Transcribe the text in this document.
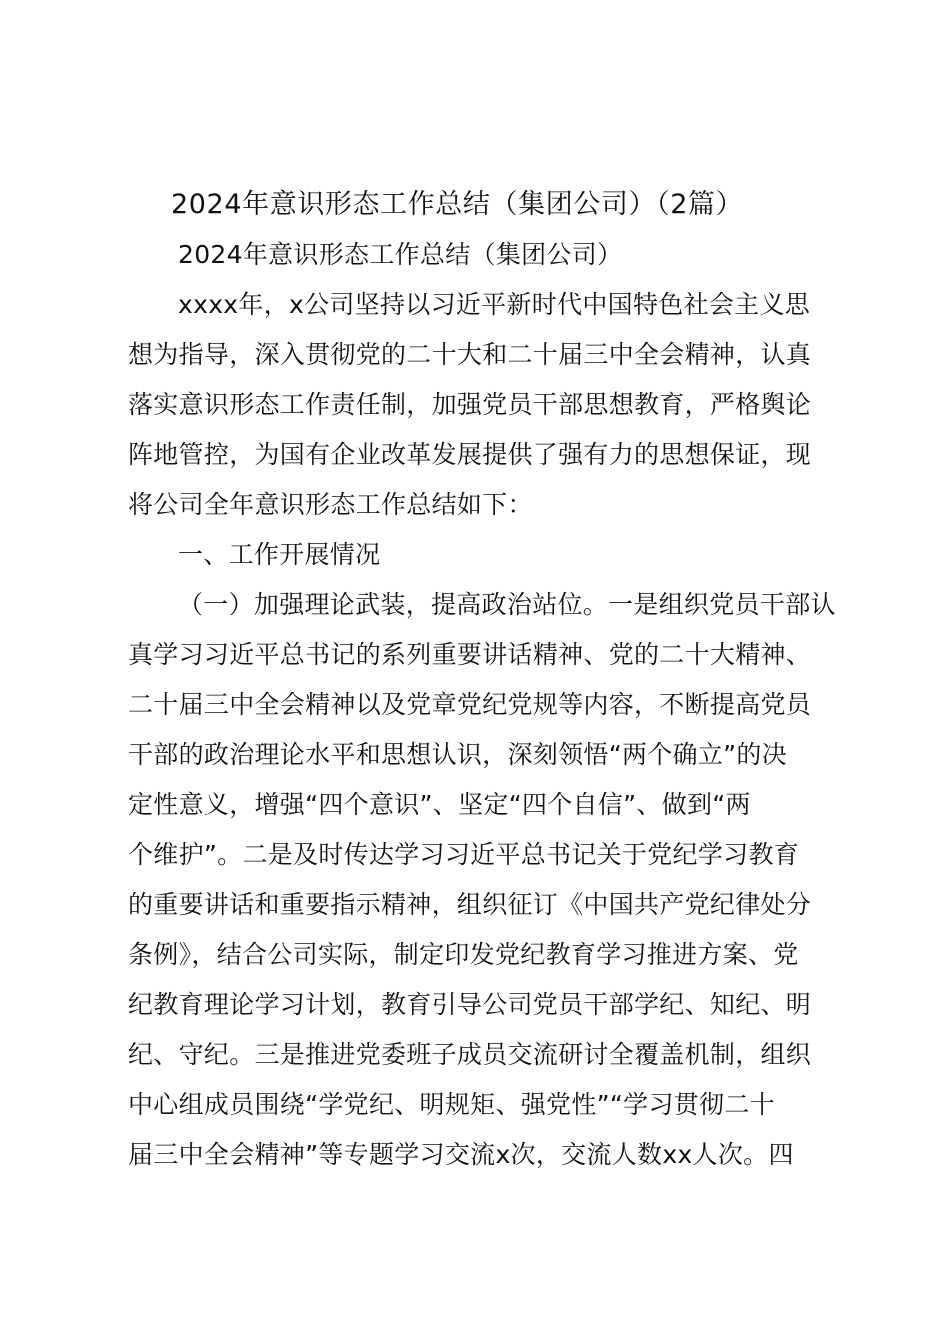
2024年意识形态工作总结（集团公司）（2篇）
2024年意识形态工作总结（集团公司）
xxxx年，x公司坚持以习近平新时代中国特色社会主义思
想为指导，深入贯彻党的二十大和二十届三中全会精神，认真
落实意识形态工作责任制，加强党员干部思想教育，严格舆论
阵地管控，为国有企业改革发展提供了强有力的思想保证，现
将公司全年意识形态工作总结如下：
一、工作开展情况
（一）加强理论武装，提高政治站位。一是组织党员干部认
真学习习近平总书记的系列重要讲话精神、党的二十大精神、
二十届三中全会精神以及党章党纪党规等内容，不断提高党员
干部的政治理论水平和思想认识，深刻领悟“两个确立”的决
定性意义，增强“四个意识”、坚定“四个自信”、做到“两
个维护”。二是及时传达学习习近平总书记关于党纪学习教育
的重要讲话和重要指示精神，组织征订《中国共产党纪律处分
条例》，结合公司实际，制定印发党纪教育学习推进方案、党
纪教育理论学习计划，教育引导公司党员干部学纪、知纪、明
纪、守纪。三是推进党委班子成员交流研讨全覆盖机制，组织
中心组成员围绕“学党纪、明规矩、强党性”“学习贯彻二十
届三中全会精神”等专题学习交流x次，交流人数xx人次。四
